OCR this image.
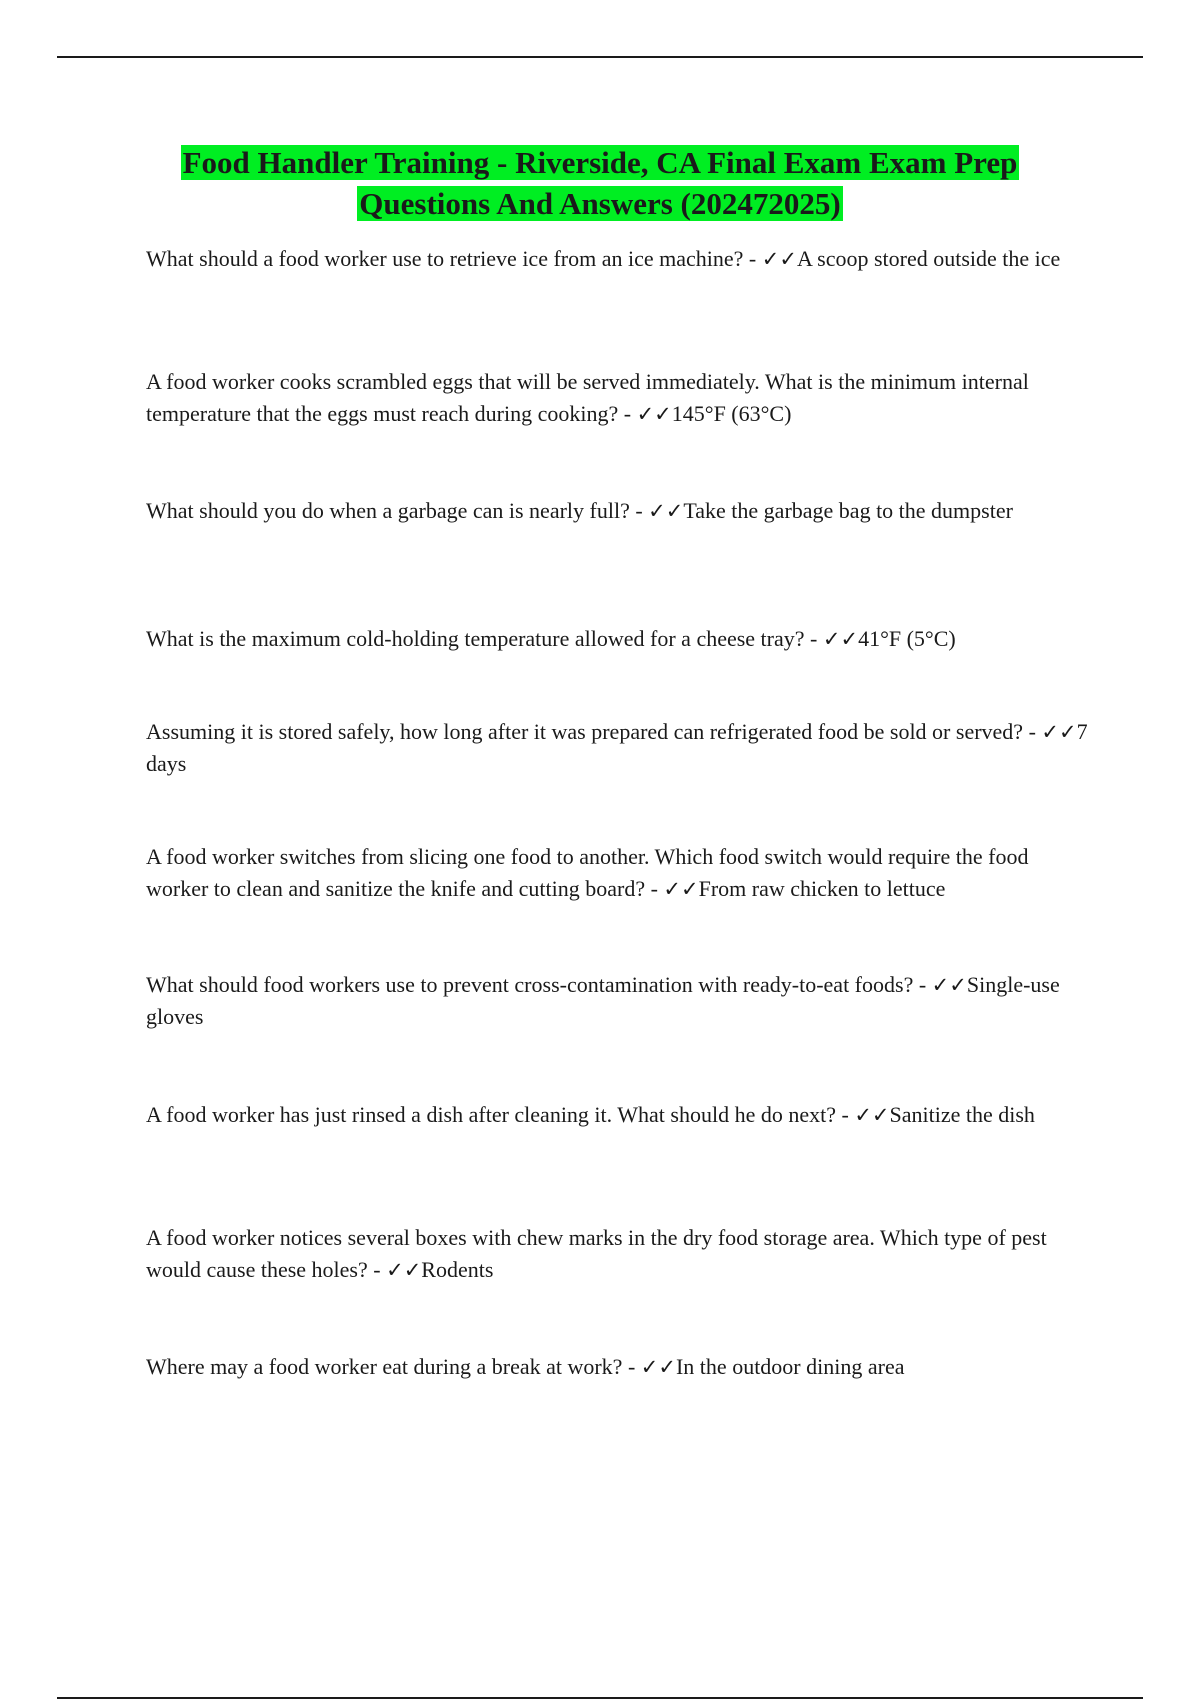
Food Handler Training - Riverside, CA Final Exam Exam Prep
Questions And Answers (202472025)
What should a food worker use to retrieve ice from an ice machine? - ✓✓A scoop stored outside the ice
A food worker cooks scrambled eggs that will be served immediately. What is the minimum internal temperature that the eggs must reach during cooking? - ✓✓145°F (63°C)
What should you do when a garbage can is nearly full? - ✓✓Take the garbage bag to the dumpster
What is the maximum cold-holding temperature allowed for a cheese tray? - ✓✓41°F (5°C)
Assuming it is stored safely, how long after it was prepared can refrigerated food be sold or served? - ✓✓7 days
A food worker switches from slicing one food to another. Which food switch would require the food worker to clean and sanitize the knife and cutting board? - ✓✓From raw chicken to lettuce
What should food workers use to prevent cross-contamination with ready-to-eat foods? - ✓✓Single-use gloves
A food worker has just rinsed a dish after cleaning it. What should he do next? - ✓✓Sanitize the dish
A food worker notices several boxes with chew marks in the dry food storage area. Which type of pest would cause these holes? - ✓✓Rodents
Where may a food worker eat during a break at work? - ✓✓In the outdoor dining area
